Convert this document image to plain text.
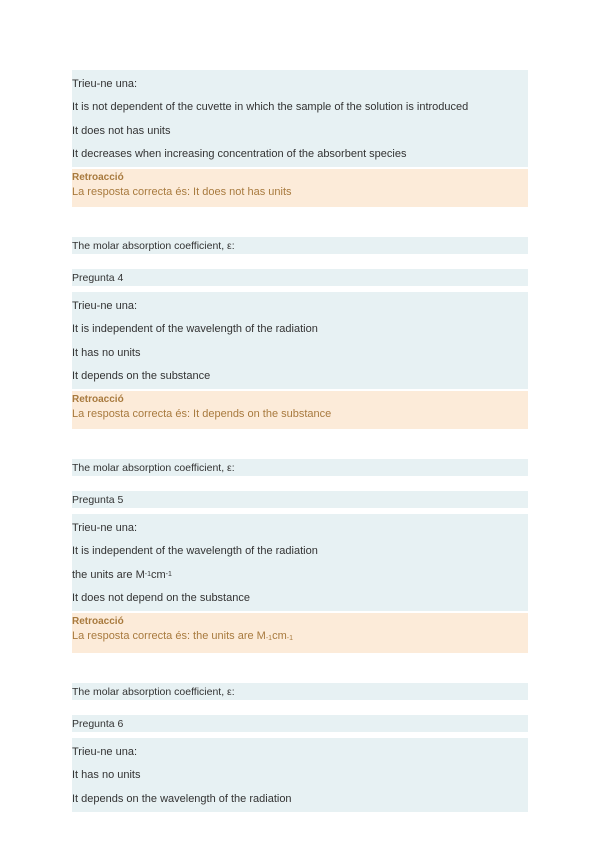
Trieu-ne una:
It is not dependent of the cuvette in which the sample of the solution is introduced
It does not has units
It decreases when increasing concentration of the absorbent species
Retroacció
La resposta correcta és: It does not has units
The molar absorption coefficient, ε:
Pregunta 4
Trieu-ne una:
It is independent of the wavelength of the radiation
It has no units
It depends on the substance
Retroacció
La resposta correcta és: It depends on the substance
The molar absorption coefficient, ε:
Pregunta 5
Trieu-ne una:
It is independent of the wavelength of the radiation
the units are M -1 cm -1
It does not depend on the substance
Retroacció
La resposta correcta és: the units are $M_{-1}cm_{-1}$
The molar absorption coefficient, ε:
Pregunta 6
Trieu-ne una:
It has no units
It depends on the wavelength of the radiation
